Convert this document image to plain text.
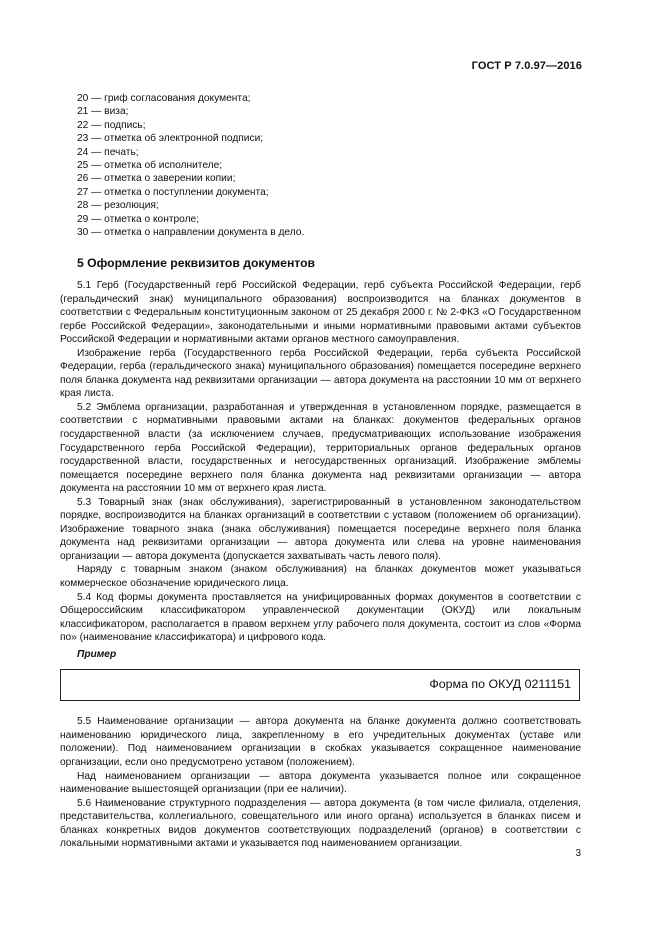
ГОСТ Р 7.0.97—2016
20 — гриф согласования документа;
21 — виза;
22 — подпись;
23 — отметка об электронной подписи;
24 — печать;
25 — отметка об исполнителе;
26 — отметка о заверении копии;
27 — отметка о поступлении документа;
28 — резолюция;
29 — отметка о контроле;
30 — отметка о направлении документа в дело.
5 Оформление реквизитов документов

5.1 Герб (Государственный герб Российской Федерации, герб субъекта Российской Федерации, герб (геральдический знак) муниципального образования) воспроизводится на бланках документов в соответствии с Федеральным конституционным законом от 25 декабря 2000 г. № 2-ФКЗ «О Государственном гербе Российской Федерации», законодательными и иными нормативными правовыми актами субъектов Российской Федерации и нормативными актами органов местного самоуправления.

Изображение герба (Государственного герба Российской Федерации, герба субъекта Российской Федерации, герба (геральдического знака) муниципального образования) помещается посередине верхнего поля бланка документа над реквизитами организации — автора документа на расстоянии 10 мм от верхнего края листа.

5.2 Эмблема организации, разработанная и утвержденная в установленном порядке, размещается в соответствии с нормативными правовыми актами на бланках: документов федеральных органов государственной власти (за исключением случаев, предусматривающих использование изображения Государственного герба Российской Федерации), территориальных органов федеральных органов государственной власти, государственных и негосударственных организаций. Изображение эмблемы помещается посередине верхнего поля бланка документа над реквизитами организации — автора документа на расстоянии 10 мм от верхнего края листа.

5.3 Товарный знак (знак обслуживания), зарегистрированный в установленном законодательством порядке, воспроизводится на бланках организаций в соответствии с уставом (положением об организации). Изображение товарного знака (знака обслуживания) помещается посередине верхнего поля бланка документа над реквизитами организации — автора документа или слева на уровне наименования организации — автора документа (допускается захватывать часть левого поля).

Наряду с товарным знаком (знаком обслуживания) на бланках документов может указываться коммерческое обозначение юридического лица.

5.4 Код формы документа проставляется на унифицированных формах документов в соответствии с Общероссийским классификатором управленческой документации (ОКУД) или локальным классификатором, располагается в правом верхнем углу рабочего поля документа, состоит из слов «Форма по» (наименование классификатора) и цифрового кода.

Пример

Форма по ОКУД 0211151

5.5 Наименование организации — автора документа на бланке документа должно соответствовать наименованию юридического лица, закрепленному в его учредительных документах (уставе или положении). Под наименованием организации в скобках указывается сокращенное наименование организации, если оно предусмотрено уставом (положением).

Над наименованием организации — автора документа указывается полное или сокращенное наименование вышестоящей организации (при ее наличии).

5.6 Наименование структурного подразделения — автора документа (в том числе филиала, отделения, представительства, коллегиального, совещательного или иного органа) используется в бланках писем и бланках конкретных видов документов соответствующих подразделений (органов) в соответствии с локальными нормативными актами и указывается под наименованием организации.

3
